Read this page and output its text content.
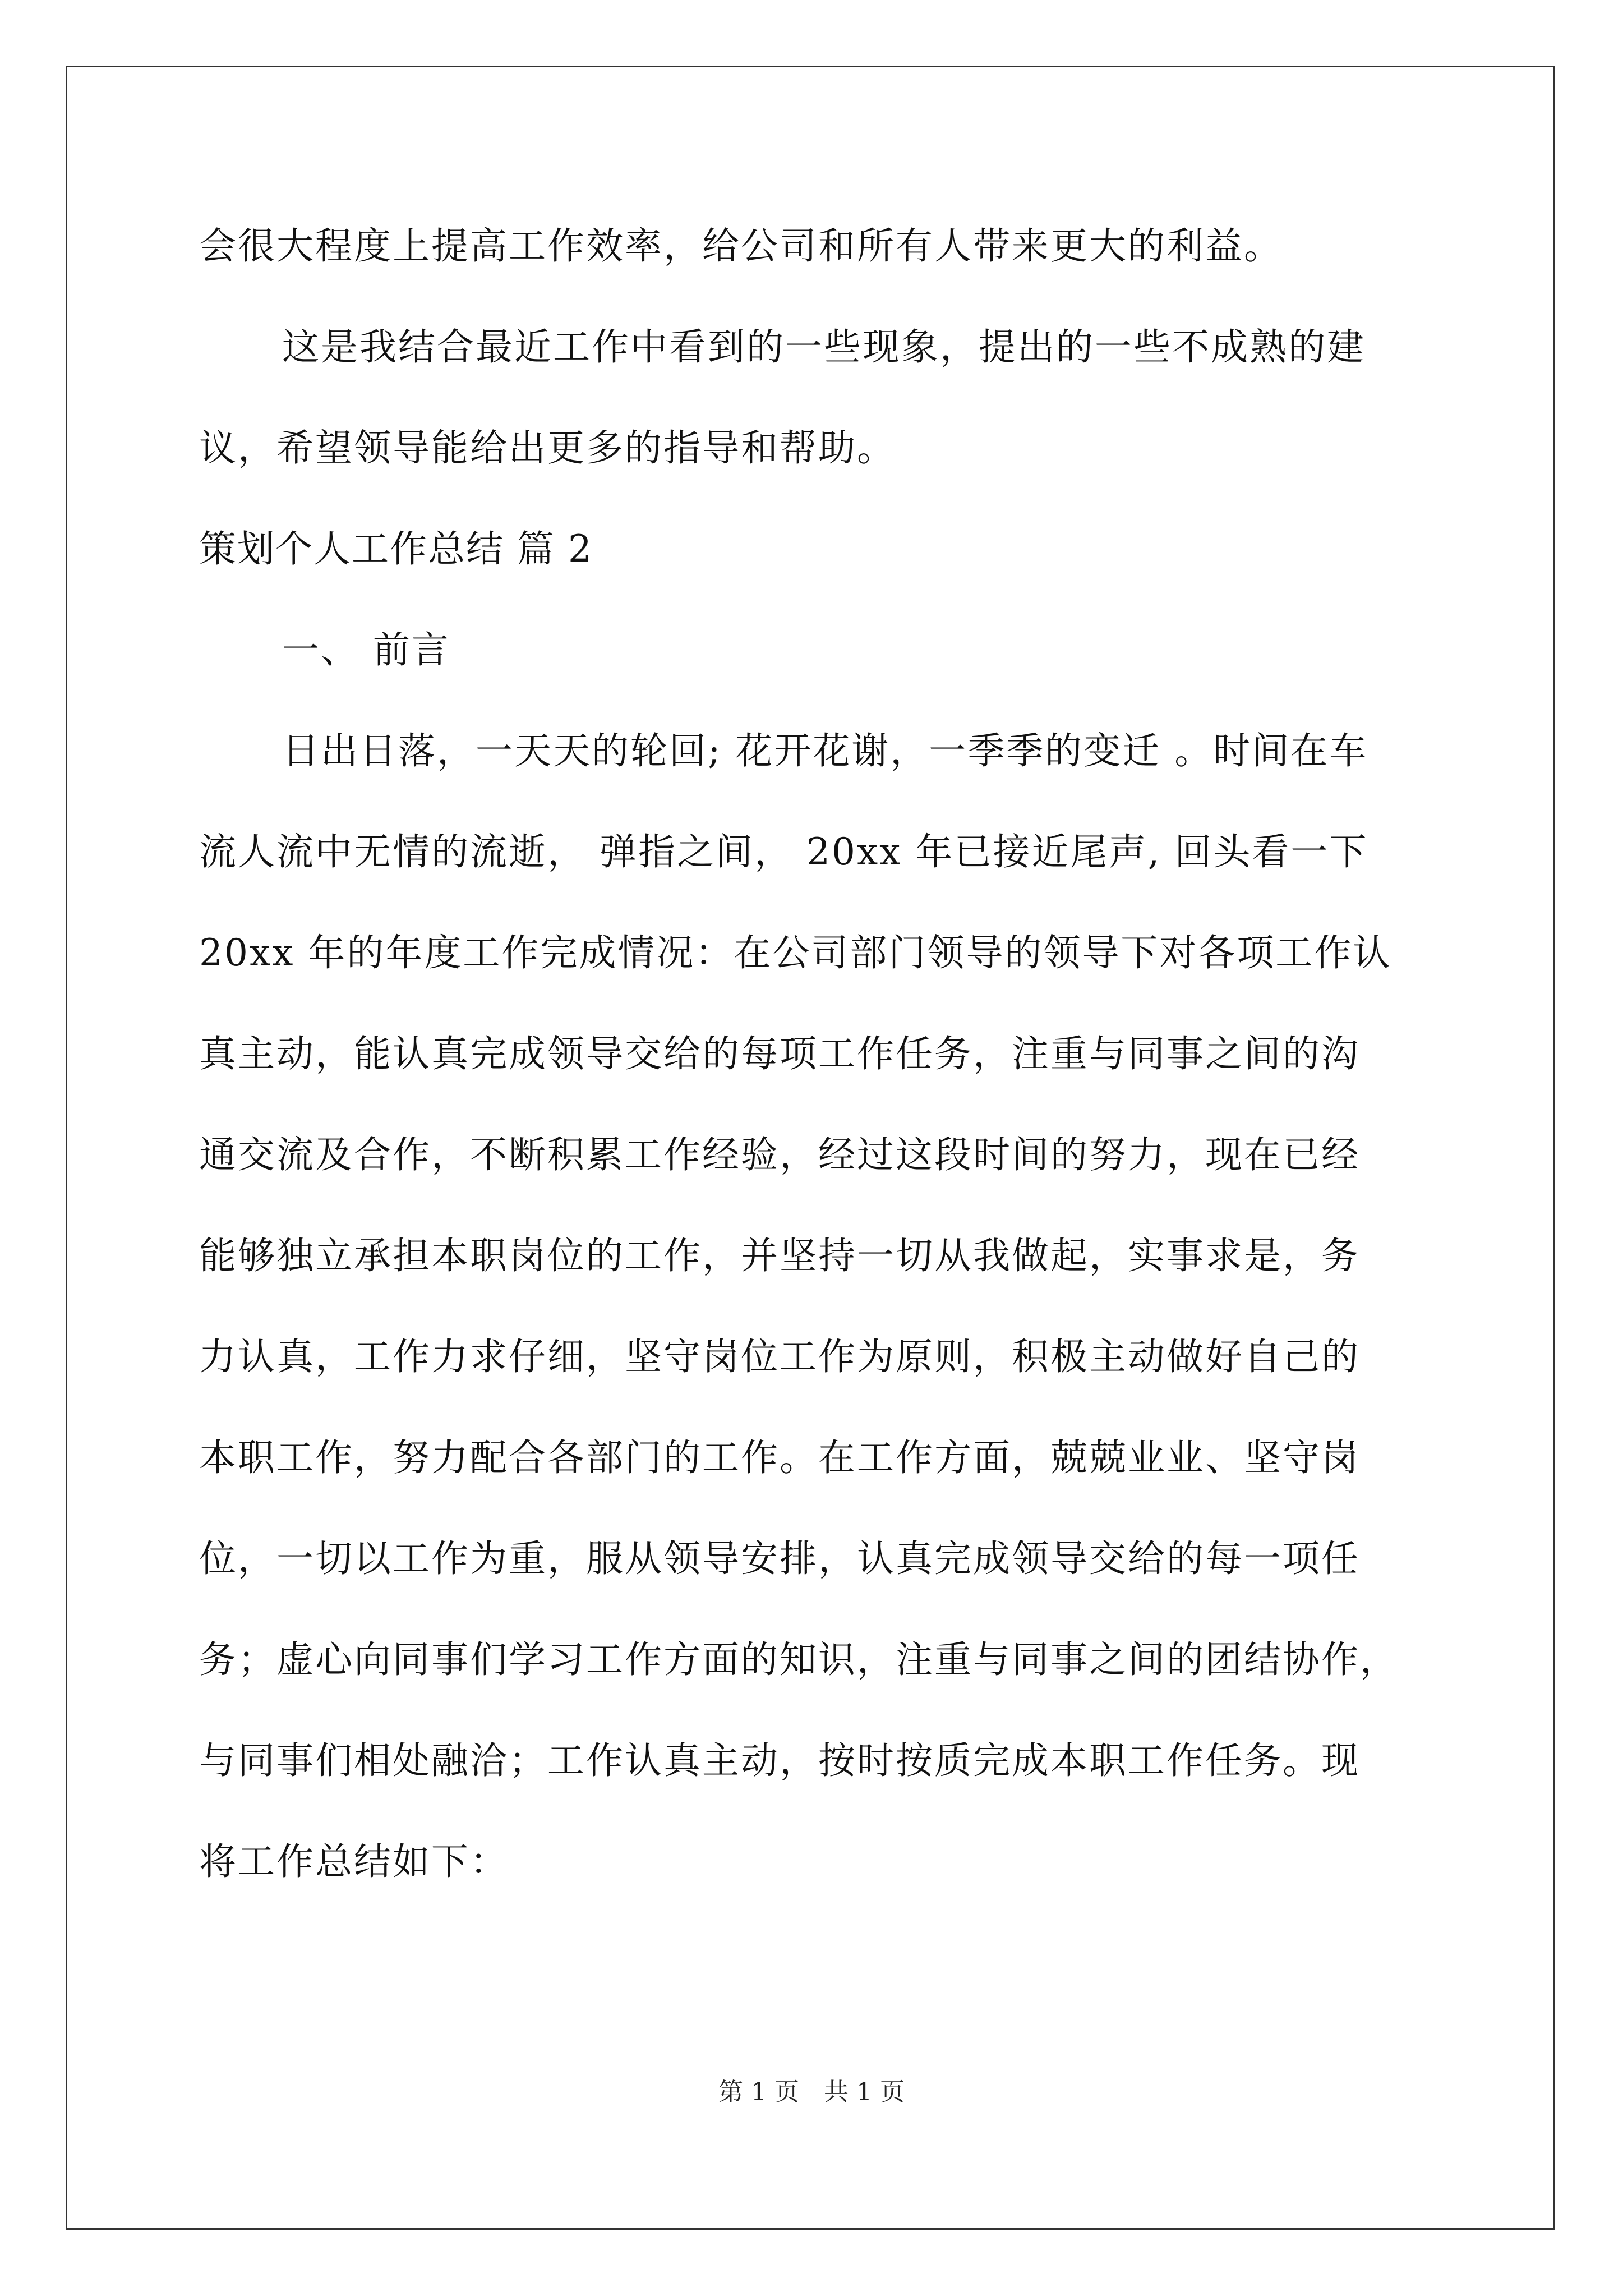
会很大程度上提高工作效率，给公司和所有人带来更大的利益。
这是我结合最近工作中看到的一些现象，提出的一些不成熟的建
议，希望领导能给出更多的指导和帮助。
策划个人工作总结 篇 2
一、 前言
日出日落，一天天的轮回; 花开花谢，一季季的变迁 。时间在车
流人流中无情的流逝， 弹指之间， 20xx 年已接近尾声, 回头看一下
20xx 年的年度工作完成情况：在公司部门领导的领导下对各项工作认
真主动，能认真完成领导交给的每项工作任务，注重与同事之间的沟
通交流及合作，不断积累工作经验，经过这段时间的努力，现在已经
能够独立承担本职岗位的工作，并坚持一切从我做起，实事求是，务
力认真，工作力求仔细，坚守岗位工作为原则，积极主动做好自己的
本职工作，努力配合各部门的工作。在工作方面，兢兢业业、坚守岗
位，一切以工作为重，服从领导安排，认真完成领导交给的每一项任
务；虚心向同事们学习工作方面的知识，注重与同事之间的团结协作，
与同事们相处融洽；工作认真主动，按时按质完成本职工作任务。现
将工作总结如下：
第 1 页　共 1 页
